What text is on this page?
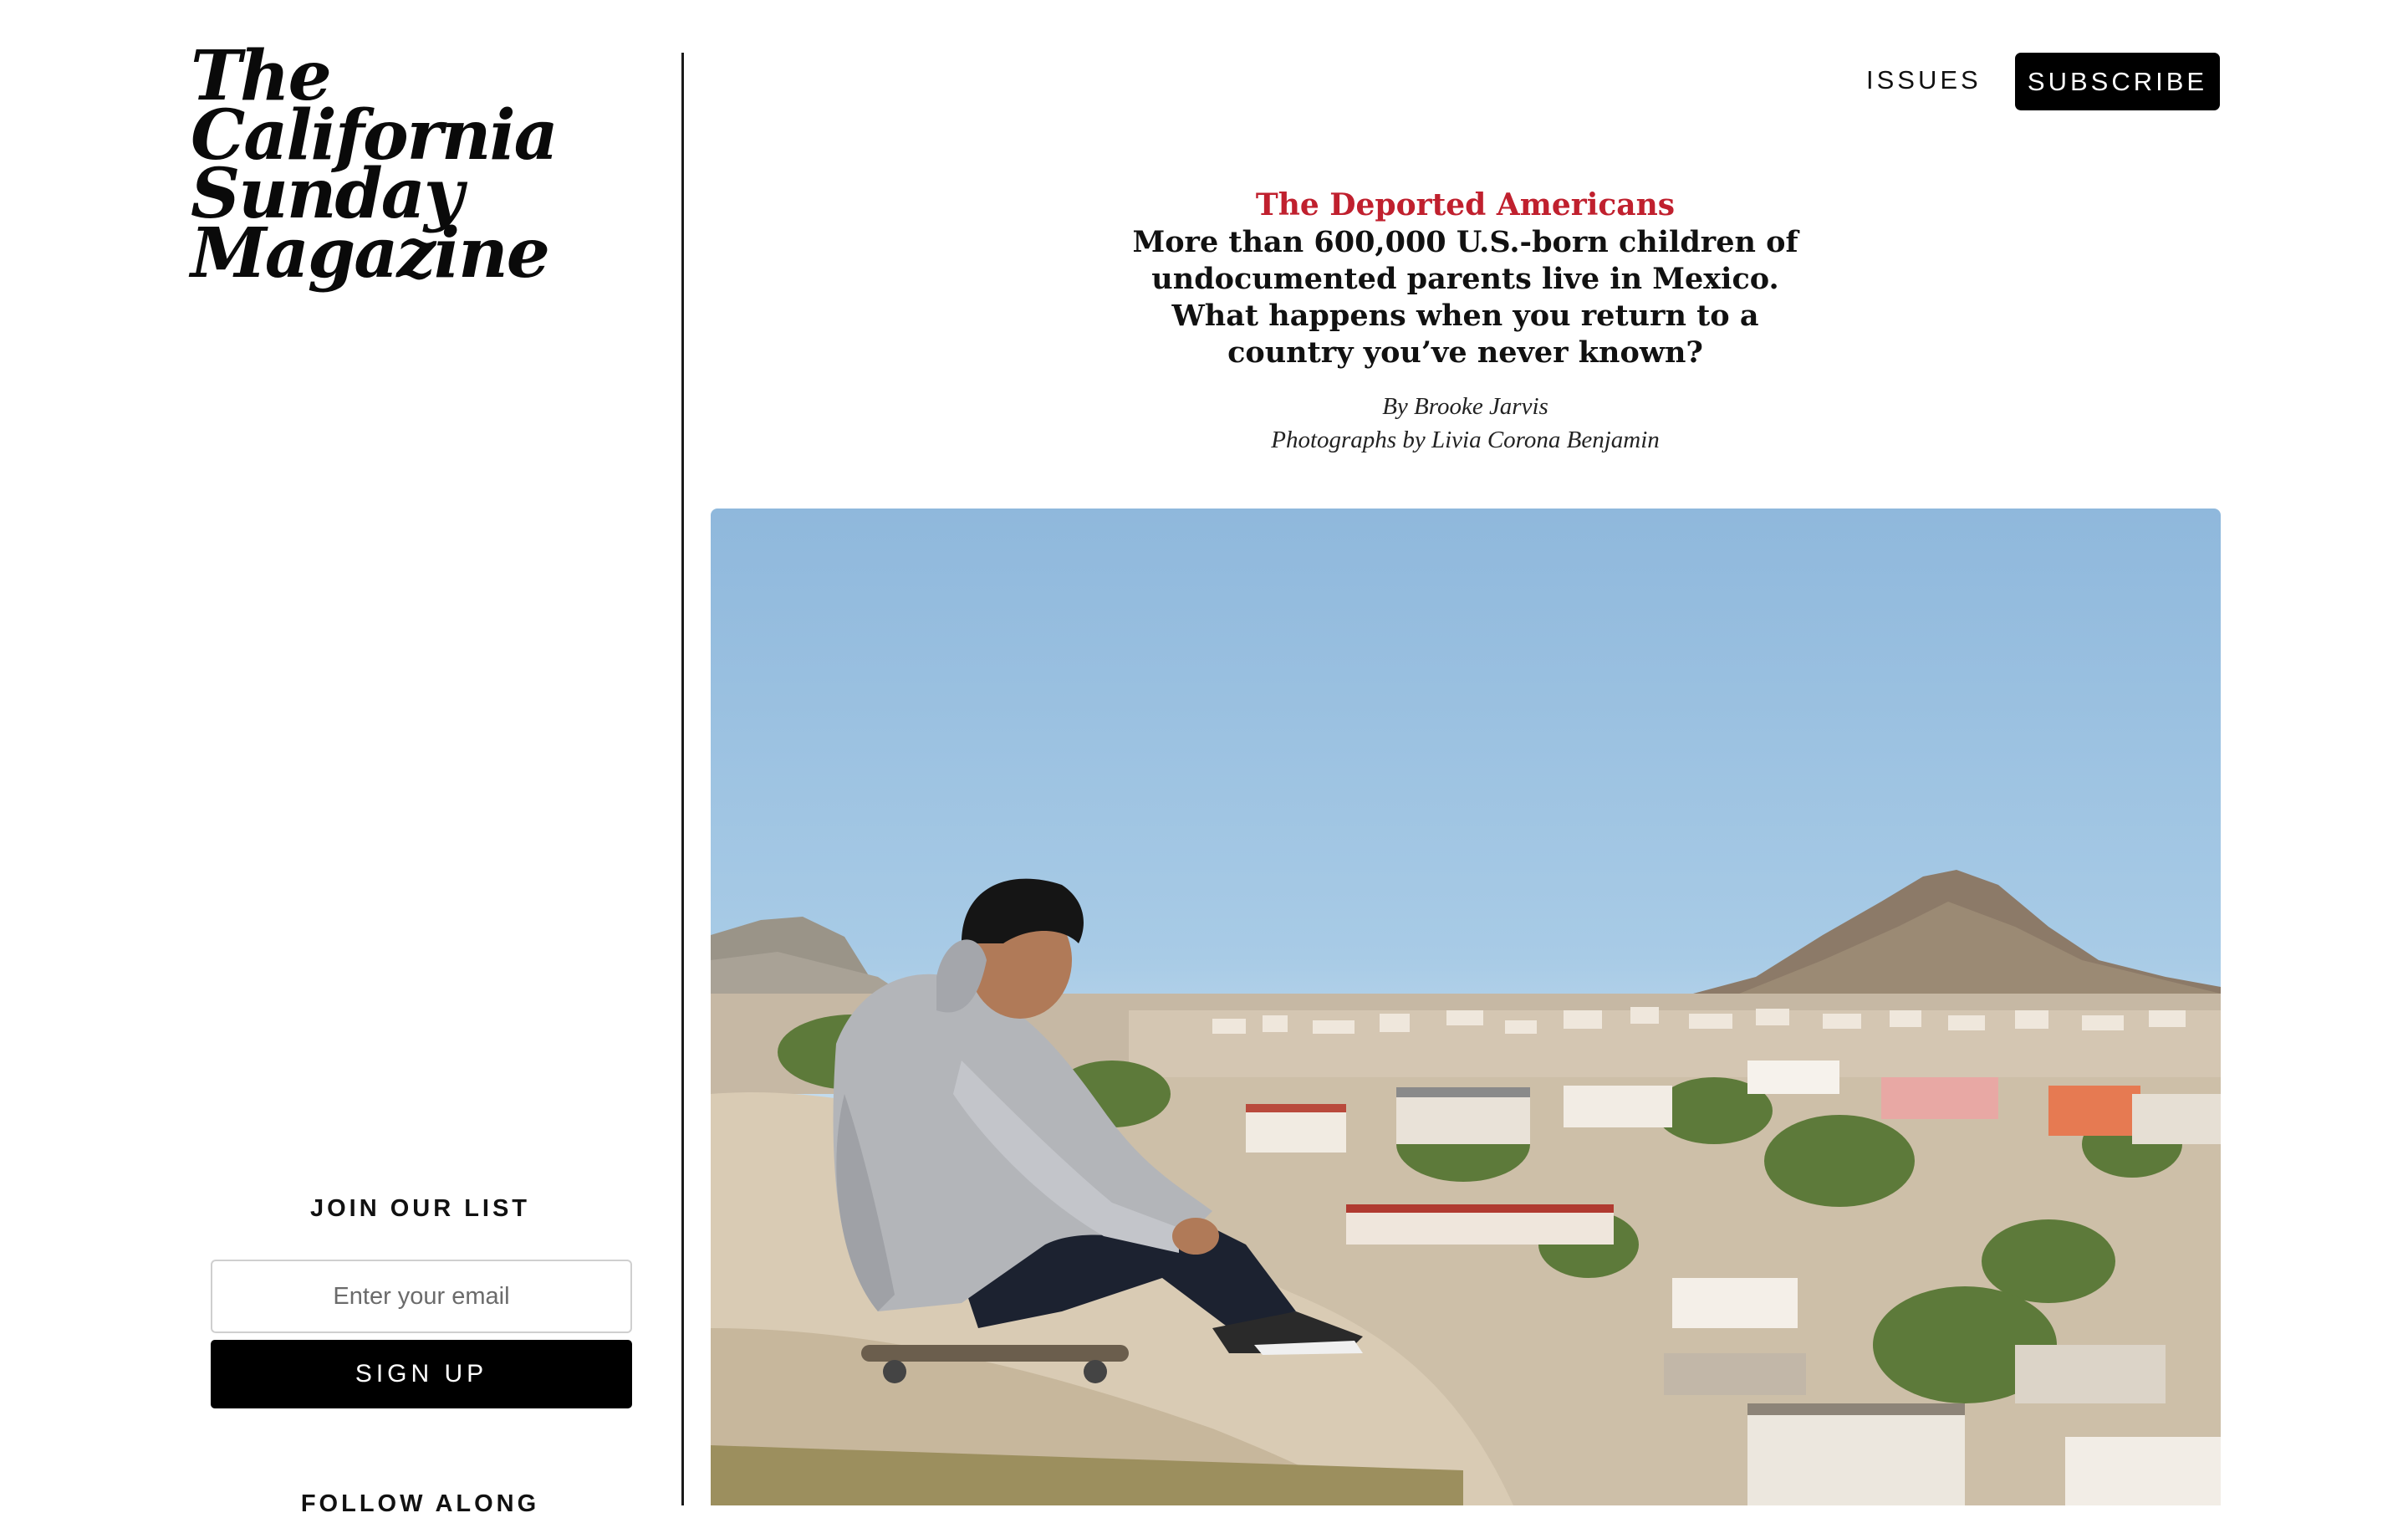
The
California
Sunday
Magazine
JOIN OUR LIST
Enter your email
SIGN UP
FOLLOW ALONG
ISSUES	SUBSCRIBE
The Deported Americans
More than 600,000 U.S.-born children of undocumented parents live in Mexico. What happens when you return to a country you’ve never known?
By Brooke Jarvis
Photographs by Livia Corona Benjamin
